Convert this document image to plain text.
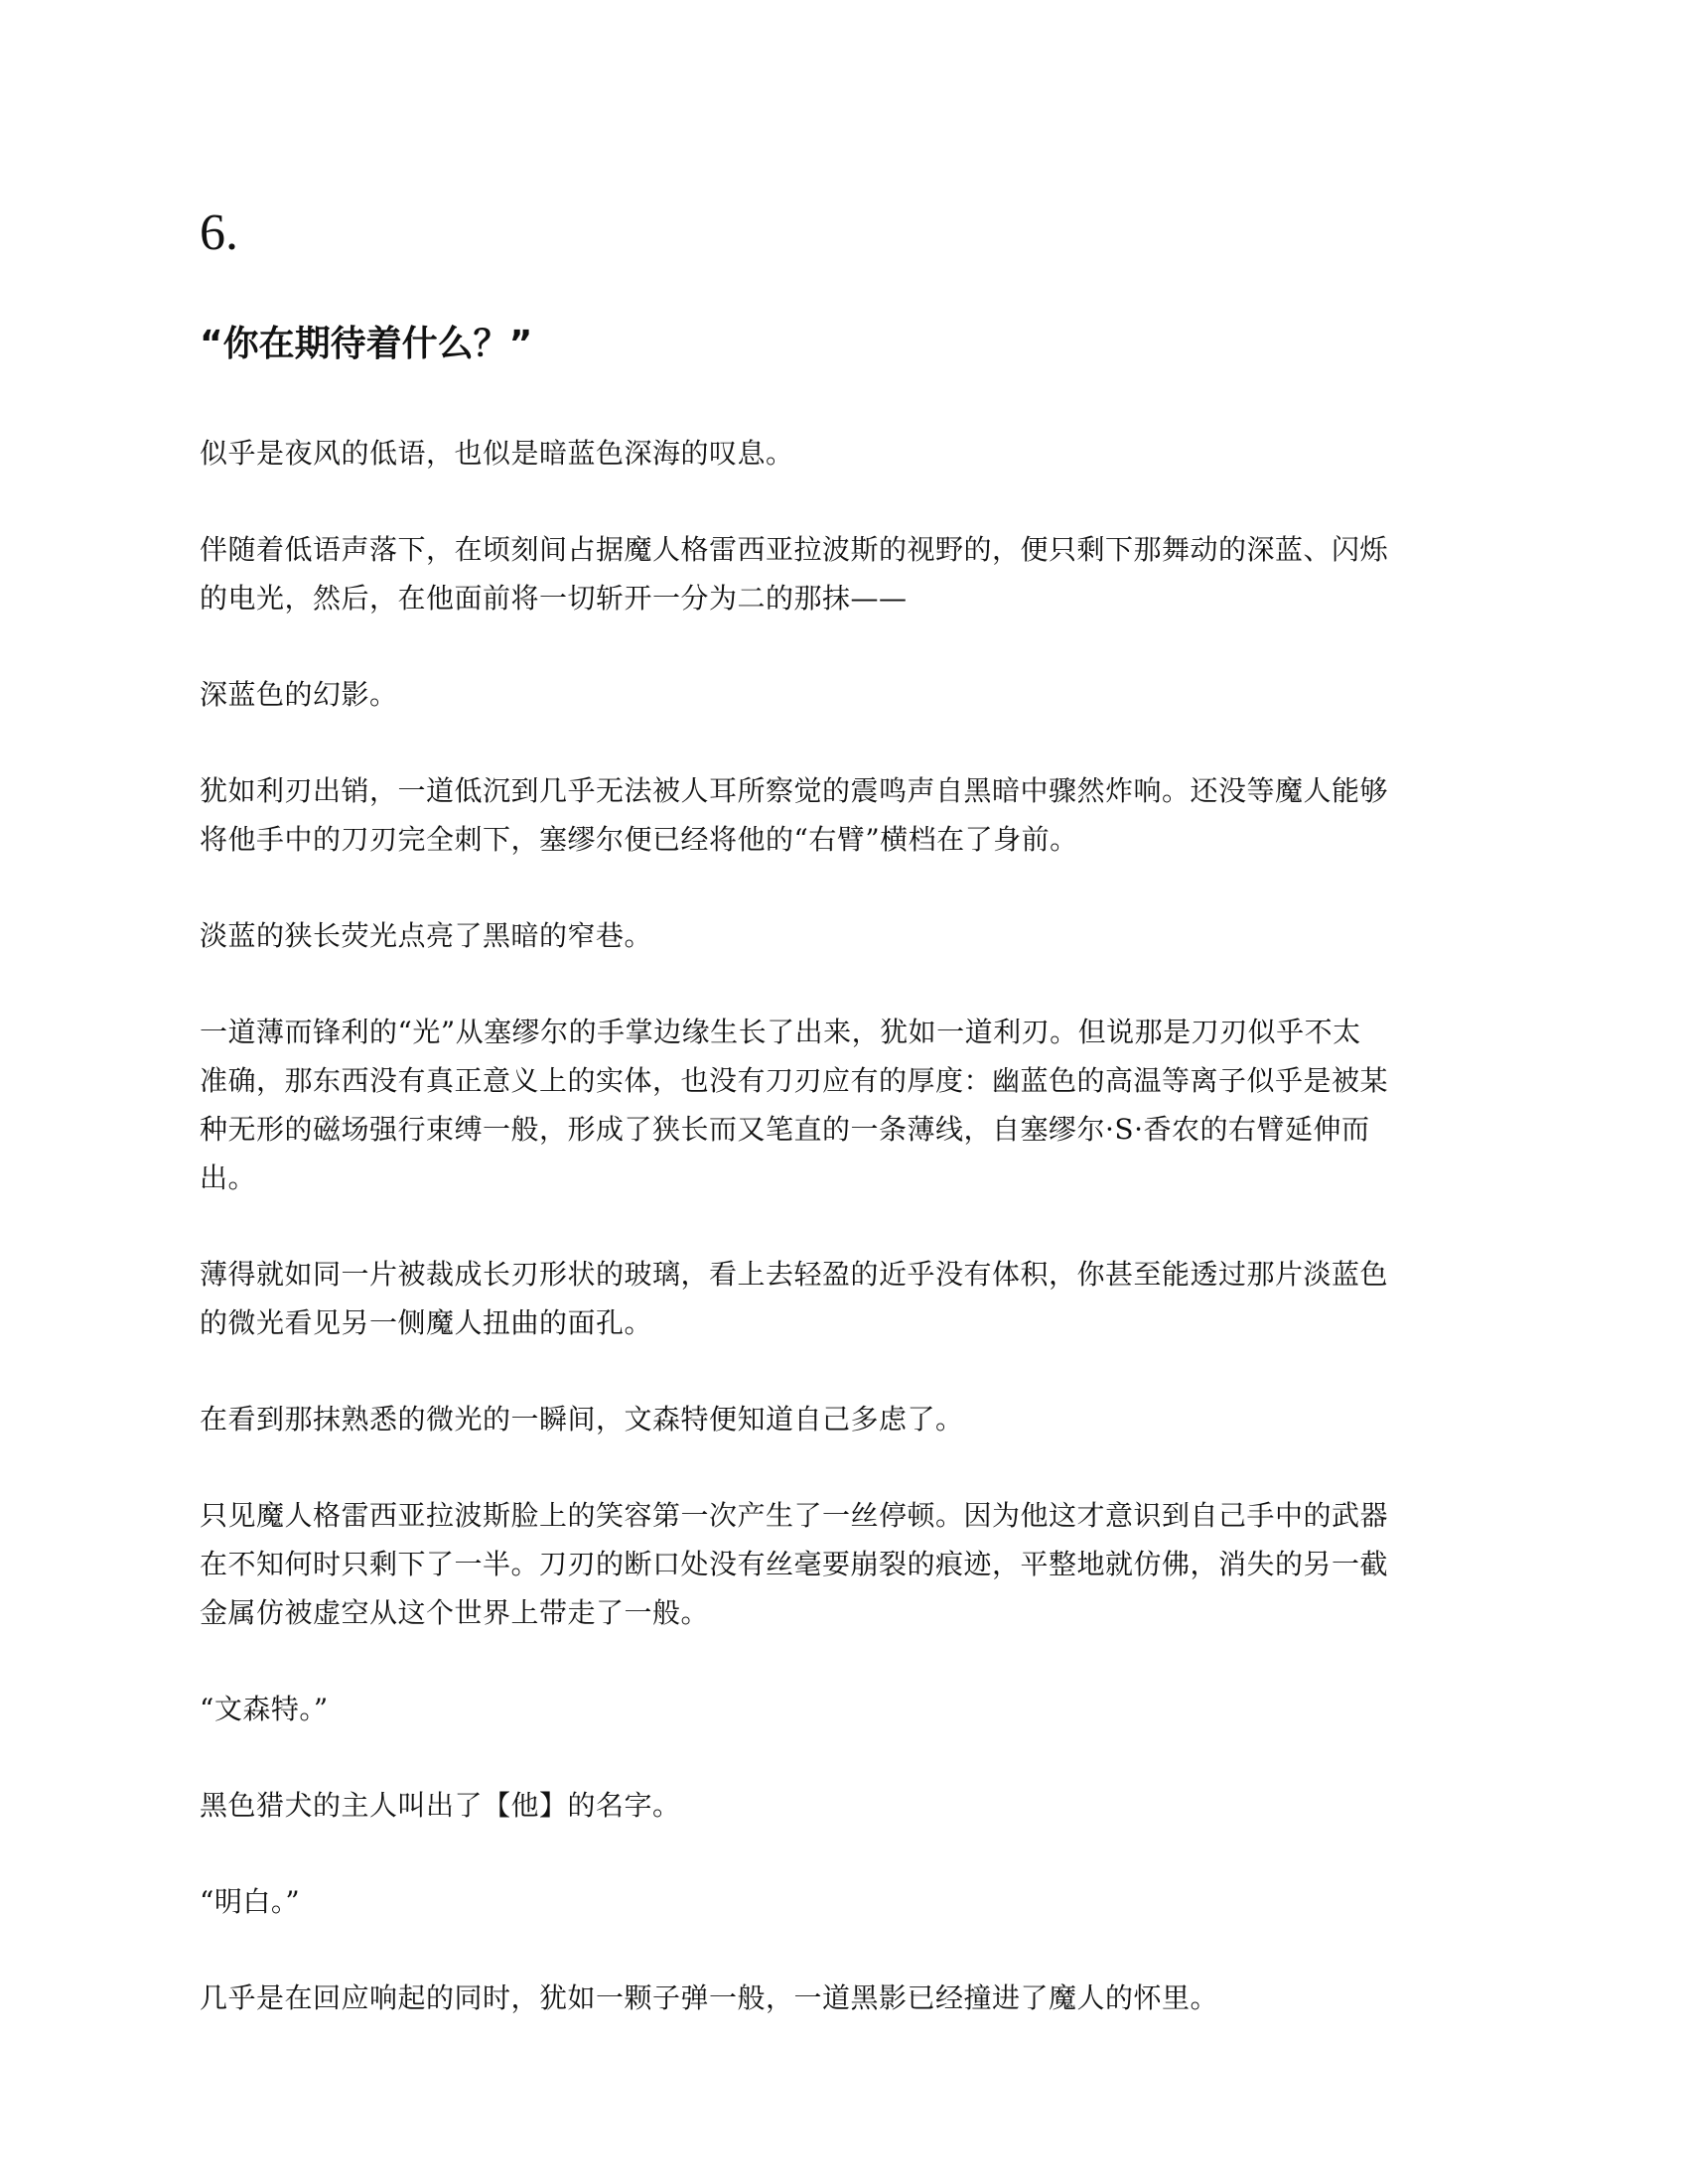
6.
“你在期待着什么？”

似乎是夜风的低语，也似是暗蓝色深海的叹息。

伴随着低语声落下，在顷刻间占据魔人格雷西亚拉波斯的视野的，便只剩下那舞动的深蓝、闪烁
的电光，然后，在他面前将一切斩开一分为二的那抹——

深蓝色的幻影。

犹如利刃出销，一道低沉到几乎无法被人耳所察觉的震鸣声自黑暗中骤然炸响。还没等魔人能够
将他手中的刀刃完全刺下，塞缪尔便已经将他的“右臂”横档在了身前。

淡蓝的狭长荧光点亮了黑暗的窄巷。

一道薄而锋利的“光”从塞缪尔的手掌边缘生长了出来，犹如一道利刃。但说那是刀刃似乎不太
准确，那东西没有真正意义上的实体，也没有刀刃应有的厚度：幽蓝色的高温等离子似乎是被某
种无形的磁场强行束缚一般，形成了狭长而又笔直的一条薄线，自塞缪尔·S·香农的右臂延伸而
出。

薄得就如同一片被裁成长刃形状的玻璃，看上去轻盈的近乎没有体积，你甚至能透过那片淡蓝色
的微光看见另一侧魔人扭曲的面孔。

在看到那抹熟悉的微光的一瞬间，文森特便知道自己多虑了。

只见魔人格雷西亚拉波斯脸上的笑容第一次产生了一丝停顿。因为他这才意识到自己手中的武器
在不知何时只剩下了一半。刀刃的断口处没有丝毫要崩裂的痕迹，平整地就仿佛，消失的另一截
金属仿被虚空从这个世界上带走了一般。

“文森特。”

黑色猎犬的主人叫出了【他】的名字。

“明白。”

几乎是在回应响起的同时，犹如一颗子弹一般，一道黑影已经撞进了魔人的怀里。
